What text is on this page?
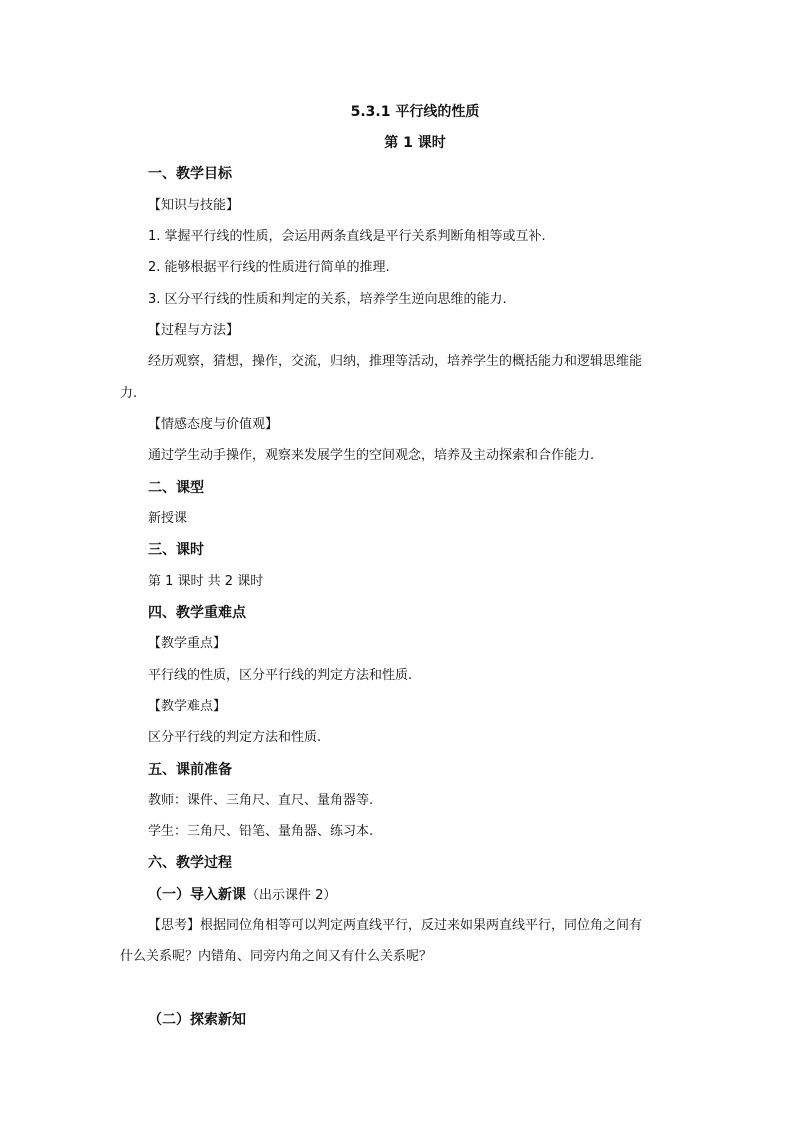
5.3.1 平行线的性质
第 1 课时
一、教学目标
【知识与技能】
1. 掌握平行线的性质，会运用两条直线是平行关系判断角相等或互补.
2. 能够根据平行线的性质进行简单的推理.
3. 区分平行线的性质和判定的关系，培养学生逆向思维的能力.
【过程与方法】
经历观察，猜想，操作，交流，归纳，推理等活动，培养学生的概括能力和逻辑思维能
力.
【情感态度与价值观】
通过学生动手操作，观察来发展学生的空间观念，培养及主动探索和合作能力.
二、课型
新授课
三、课时
第 1 课时 共 2 课时
四、教学重难点
【教学重点】
平行线的性质，区分平行线的判定方法和性质.
【教学难点】
区分平行线的判定方法和性质.
五、课前准备
教师：课件、三角尺、直尺、量角器等.
学生：三角尺、铅笔、量角器、练习本.
六、教学过程
（一）导入新课（出示课件 2）
【思考】根据同位角相等可以判定两直线平行，反过来如果两直线平行，同位角之间有
什么关系呢？内错角、同旁内角之间又有什么关系呢？
（二）探索新知
